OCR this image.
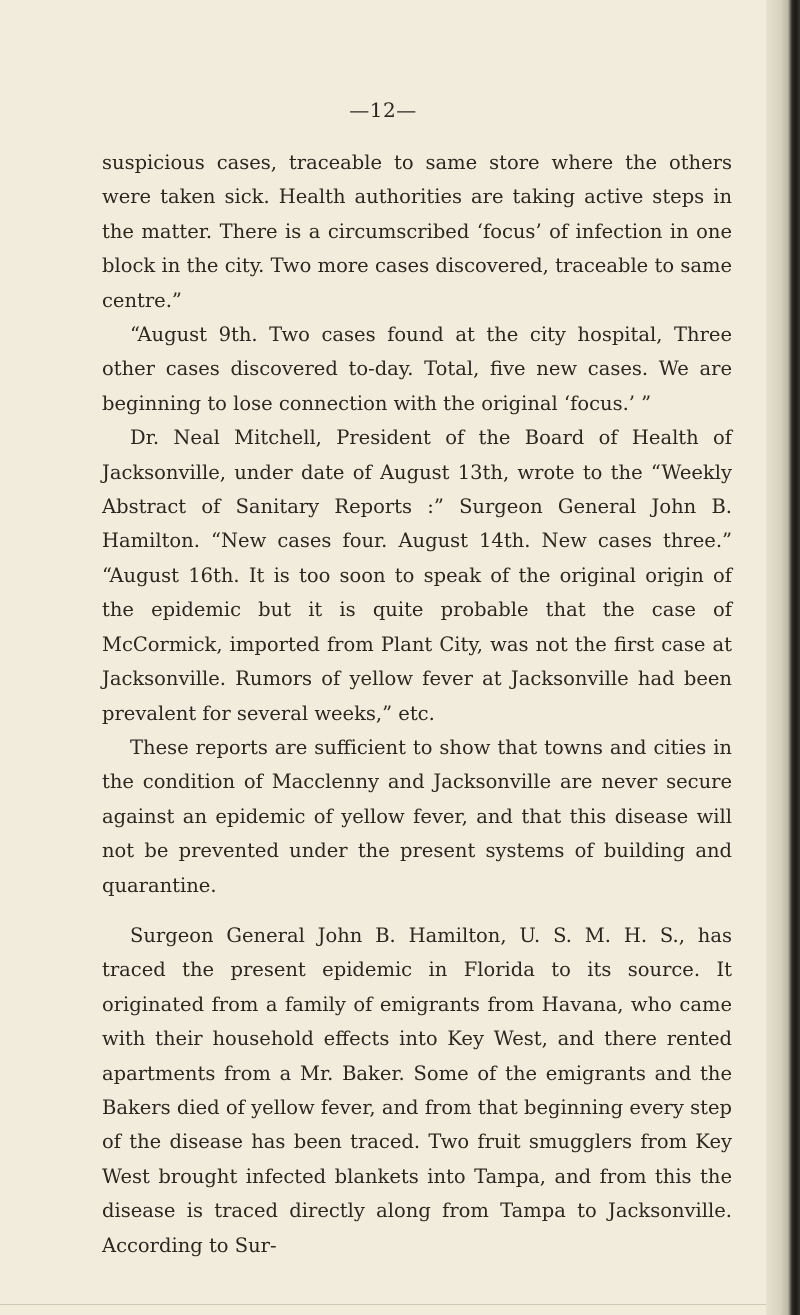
—12—

suspicious cases, traceable to same store where the others were taken sick. Health authorities are taking active steps in the matter. There is a circumscribed ‘focus’ of infection in one block in the city. Two more cases discovered, traceable to same centre.”

“August 9th. Two cases found at the city hospital, Three other cases discovered to-day. Total, five new cases. We are beginning to lose connection with the original ‘focus.’ ”

Dr. Neal Mitchell, President of the Board of Health of Jacksonville, under date of August 13th, wrote to the “Weekly Abstract of Sanitary Reports :” Surgeon General John B. Hamilton. “New cases four. August 14th. New cases three.” “August 16th. It is too soon to speak of the original origin of the epidemic but it is quite probable that the case of McCormick, imported from Plant City, was not the first case at Jacksonville. Rumors of yellow fever at Jacksonville had been prevalent for several weeks,” etc.

These reports are sufficient to show that towns and cities in the condition of Macclenny and Jacksonville are never secure against an epidemic of yellow fever, and that this disease will not be prevented under the present systems of building and quarantine.

Surgeon General John B. Hamilton, U. S. M. H. S., has traced the present epidemic in Florida to its source. It originated from a family of emigrants from Havana, who came with their household effects into Key West, and there rented apartments from a Mr. Baker. Some of the emigrants and the Bakers died of yellow fever, and from that beginning every step of the disease has been traced. Two fruit smugglers from Key West brought infected blankets into Tampa, and from this the disease is traced directly along from Tampa to Jacksonville. According to Sur-
